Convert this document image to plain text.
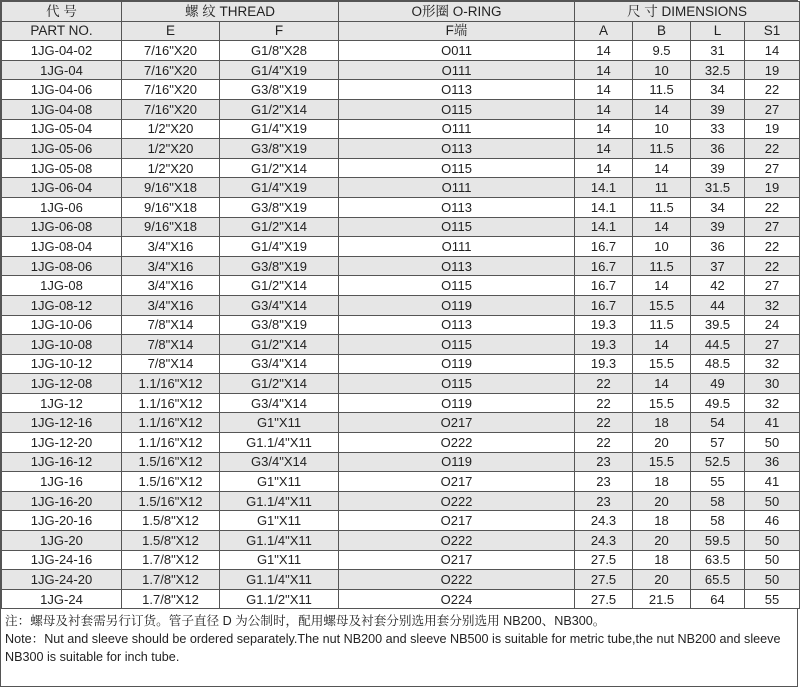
代 号	螺 纹 THREAD		O形圈 O-RING	尺 寸 DIMENSIONS			
PART NO.	E	F	F端	A	B	L	S1
1JG-04-02	7/16"X20	G1/8"X28	O011	14	9.5	31	14
1JG-04	7/16"X20	G1/4"X19	O111	14	10	32.5	19
1JG-04-06	7/16"X20	G3/8"X19	O113	14	11.5	34	22
1JG-04-08	7/16"X20	G1/2"X14	O115	14	14	39	27
1JG-05-04	1/2"X20	G1/4"X19	O111	14	10	33	19
1JG-05-06	1/2"X20	G3/8"X19	O113	14	11.5	36	22
1JG-05-08	1/2"X20	G1/2"X14	O115	14	14	39	27
1JG-06-04	9/16"X18	G1/4"X19	O111	14.1	11	31.5	19
1JG-06	9/16"X18	G3/8"X19	O113	14.1	11.5	34	22
1JG-06-08	9/16"X18	G1/2"X14	O115	14.1	14	39	27
1JG-08-04	3/4"X16	G1/4"X19	O111	16.7	10	36	22
1JG-08-06	3/4"X16	G3/8"X19	O113	16.7	11.5	37	22
1JG-08	3/4"X16	G1/2"X14	O115	16.7	14	42	27
1JG-08-12	3/4"X16	G3/4"X14	O119	16.7	15.5	44	32
1JG-10-06	7/8"X14	G3/8"X19	O113	19.3	11.5	39.5	24
1JG-10-08	7/8"X14	G1/2"X14	O115	19.3	14	44.5	27
1JG-10-12	7/8"X14	G3/4"X14	O119	19.3	15.5	48.5	32
1JG-12-08	1.1/16"X12	G1/2"X14	O115	22	14	49	30
1JG-12	1.1/16"X12	G3/4"X14	O119	22	15.5	49.5	32
1JG-12-16	1.1/16"X12	G1"X11	O217	22	18	54	41
1JG-12-20	1.1/16"X12	G1.1/4"X11	O222	22	20	57	50
1JG-16-12	1.5/16"X12	G3/4"X14	O119	23	15.5	52.5	36
1JG-16	1.5/16"X12	G1"X11	O217	23	18	55	41
1JG-16-20	1.5/16"X12	G1.1/4"X11	O222	23	20	58	50
1JG-20-16	1.5/8"X12	G1"X11	O217	24.3	18	58	46
1JG-20	1.5/8"X12	G1.1/4"X11	O222	24.3	20	59.5	50
1JG-24-16	1.7/8"X12	G1"X11	O217	27.5	18	63.5	50
1JG-24-20	1.7/8"X12	G1.1/4"X11	O222	27.5	20	65.5	50
1JG-24	1.7/8"X12	G1.1/2"X11	O224	27.5	21.5	64	55

注：螺母及衬套需另行订货。管子直径 D 为公制时，配用螺母及衬套分别选用套分别选用 NB200、NB300。

Note：Nut and sleeve should be ordered separately.The nut NB200 and sleeve NB500 is suitable for metric tube,the nut NB200 and sleeve NB300 is suitable for inch tube.
